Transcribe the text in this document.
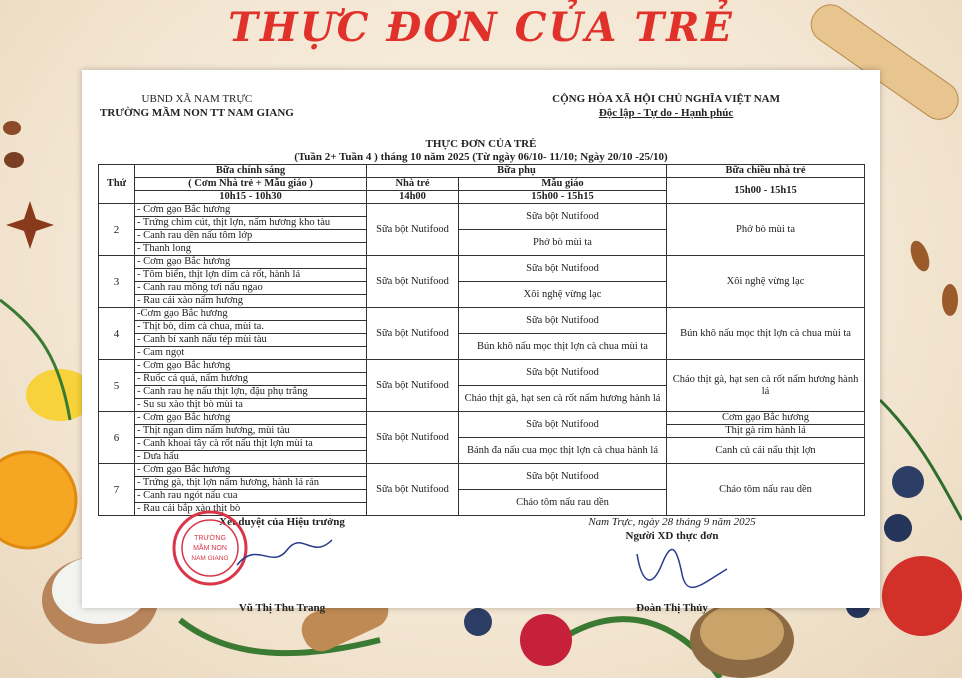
THỰC ĐƠN CỦA TRẺ
UBND XÃ NAM TRỰC
TRƯỜNG MẦM NON TT NAM GIANG
CỘNG HÒA XÃ HỘI CHỦ NGHĨA VIỆT NAM
Độc lập - Tự do - Hạnh phúc
THỰC ĐƠN CỦA TRẺ
(Tuần 2+ Tuần 4 ) tháng 10 năm 2025 (Từ ngày 06/10- 11/10; Ngày 20/10 -25/10)
Thứ	Bữa chính sáng	Bữa phụ		Bữa chiều nhà trẻ
	( Cơm Nhà trẻ + Mẫu giáo )	Nhà trẻ	Mẫu giáo	15h00 - 15h15
	10h15 - 10h30	14h00	15h00 - 15h15	
2	- Cơm gạo Bắc hương	Sữa bột Nutifood	Sữa bột Nutifood	Phở bò mùi ta
	- Trứng chim cút, thịt lợn, nấm hương kho tàu			
	- Canh rau dền nấu tôm lớp		Phở bò mùi ta	
	- Thanh long			
3	- Cơm gạo Bắc hương	Sữa bột Nutifood	Sữa bột Nutifood	Xôi nghệ vừng lạc
	- Tôm biển, thịt lợn dim cà rốt, hành lá			
	- Canh rau mồng tơi nấu ngao		Xôi nghệ vừng lạc	
	- Rau cải xào nấm hương			
4	-Cơm gạo Bắc hương	Sữa bột Nutifood	Sữa bột Nutifood	Bún khô nấu mọc thịt lợn cà chua mùi ta
	- Thịt bò, dim cà chua, mùi ta.			
	- Canh bí xanh nấu tép mùi tàu		Bún khô nấu mọc thịt lợn cà chua mùi ta	
	- Cam ngọt			
5	- Cơm gạo Bắc hương	Sữa bột Nutifood	Sữa bột Nutifood	Cháo thịt gà, hạt sen cà rốt nấm hương hành lá
	- Ruốc cá quả, nấm hương			
	- Canh rau hẹ nấu thịt lợn, đậu phụ trắng		Cháo thịt gà, hạt sen cà rốt nấm hương hành lá	
	- Su su xào thịt bò mùi ta			
6	- Cơm gạo Bắc hương	Sữa bột Nutifood	Sữa bột Nutifood	Cơm gạo Bắc hương
	- Thịt ngan dim nấm hương, mùi tàu			Thịt gà rim hành lá
	- Canh khoai tây cà rốt nấu thịt lợn mùi ta		Bánh đa nấu cua mọc thịt lợn cà chua hành lá	Canh củ cải nấu thịt lợn
	- Dưa hấu			
7	- Cơm gạo Bắc hương	Sữa bột Nutifood	Sữa bột Nutifood	Cháo tôm nấu rau dền
	- Trứng gà, thịt lợn nấm hương, hành lá rán			
	- Canh rau ngót nấu cua		Cháo tôm nấu rau dền	
	- Rau cải bắp xào thịt bò			
Xét duyệt của Hiệu trưởng	Nam Trực, ngày 28 tháng 9 năm 2025
Người XD thực đơn
TRƯỜNG
MẦM NON
NAM GIANG
Vũ Thị Thu Trang	Đoàn Thị Thủy
